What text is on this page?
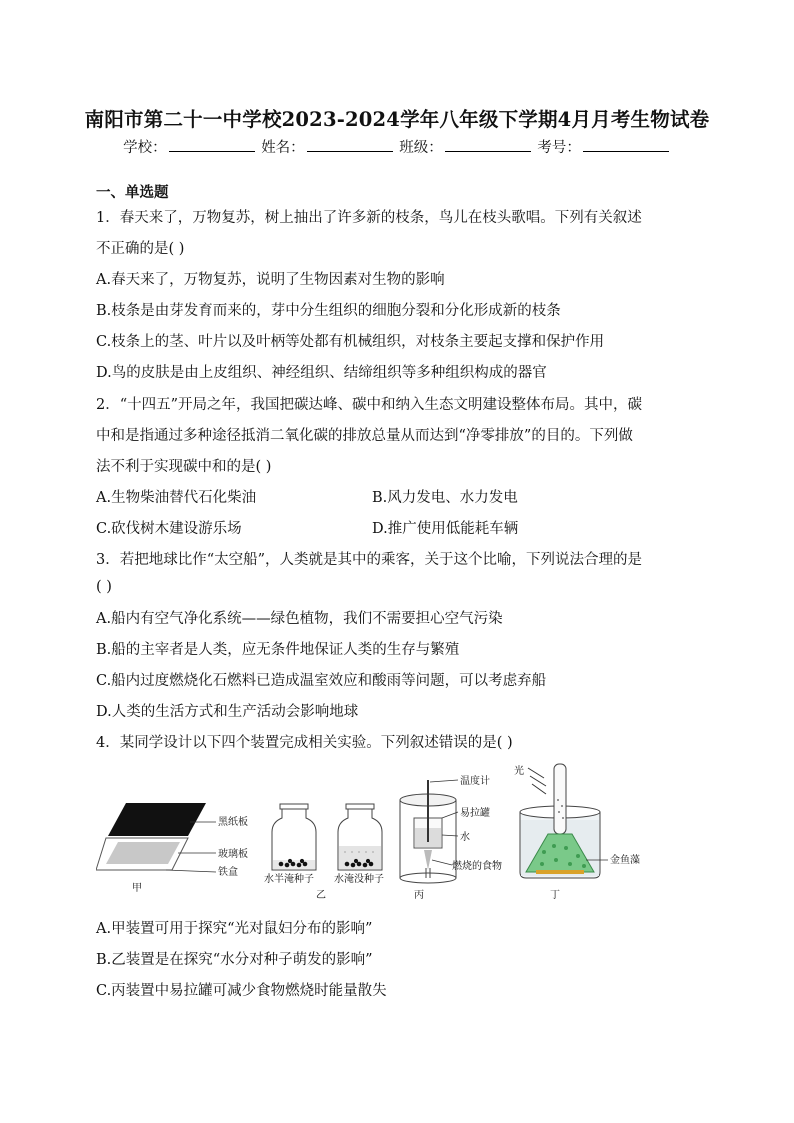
南阳市第二十一中学校2023-2024学年八年级下学期4月月考生物试卷
学校：	姓名：	班级：	考号：
一、单选题
1．春天来了，万物复苏，树上抽出了许多新的枝条，鸟儿在枝头歌唱。下列有关叙述
不正确的是( )
A.春天来了，万物复苏，说明了生物因素对生物的影响
B.枝条是由芽发育而来的，芽中分生组织的细胞分裂和分化形成新的枝条
C.枝条上的茎、叶片以及叶柄等处都有机械组织，对枝条主要起支撑和保护作用
D.鸟的皮肤是由上皮组织、神经组织、结缔组织等多种组织构成的器官
2．“十四五”开局之年，我国把碳达峰、碳中和纳入生态文明建设整体布局。其中，碳
中和是指通过多种途径抵消二氧化碳的排放总量从而达到“净零排放”的目的。下列做
法不利于实现碳中和的是( )
A.生物柴油替代石化柴油	B.风力发电、水力发电
C.砍伐树木建设游乐场	D.推广使用低能耗车辆
3．若把地球比作“太空船”，人类就是其中的乘客，关于这个比喻，下列说法合理的是
( )
A.船内有空气净化系统——绿色植物，我们不需要担心空气污染
B.船的主宰者是人类，应无条件地保证人类的生存与繁殖
C.船内过度燃烧化石燃料已造成温室效应和酸雨等问题，可以考虑弃船
D.人类的生活方式和生产活动会影响地球
4．某同学设计以下四个装置完成相关实验。下列叙述错误的是( )
黑纸板
玻璃板
铁盒
甲
水半淹种子 水淹没种子
乙
温度计
易拉罐
水
燃烧的食物
丙
光
金鱼藻
丁
A.甲装置可用于探究“光对鼠妇分布的影响”
B.乙装置是在探究“水分对种子萌发的影响”
C.丙装置中易拉罐可减少食物燃烧时能量散失
